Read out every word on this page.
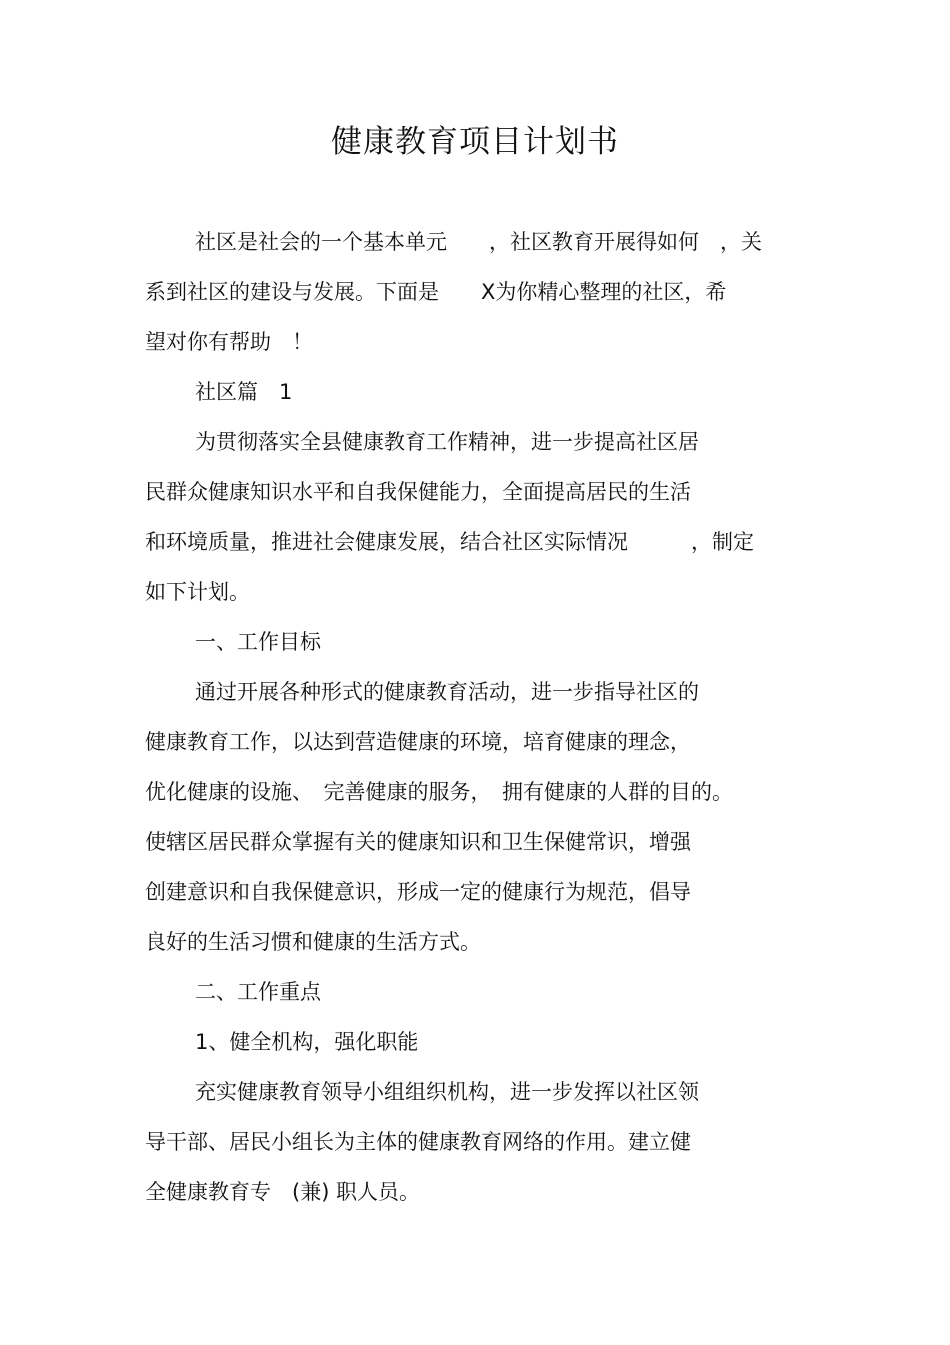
健康教育项目计划书
社区是社会的一个基本单元　　，社区教育开展得如何　，关
系到社区的建设与发展。下面是　　X为你精心整理的社区，希
望对你有帮助　！
社区篇　1
为贯彻落实全县健康教育工作精神，进一步提高社区居
民群众健康知识水平和自我保健能力，全面提高居民的生活
和环境质量，推进社会健康发展，结合社区实际情况　　　，制定
如下计划。
一、工作目标
通过开展各种形式的健康教育活动，进一步指导社区的
健康教育工作，以达到营造健康的环境，培育健康的理念，
优化健康的设施、　完善健康的服务，　拥有健康的人群的目的。
使辖区居民群众掌握有关的健康知识和卫生保健常识，增强
创建意识和自我保健意识，形成一定的健康行为规范，倡导
良好的生活习惯和健康的生活方式。
二、工作重点
1、健全机构，强化职能
充实健康教育领导小组组织机构，进一步发挥以社区领
导干部、居民小组长为主体的健康教育网络的作用。建立健
全健康教育专　(兼) 职人员。
